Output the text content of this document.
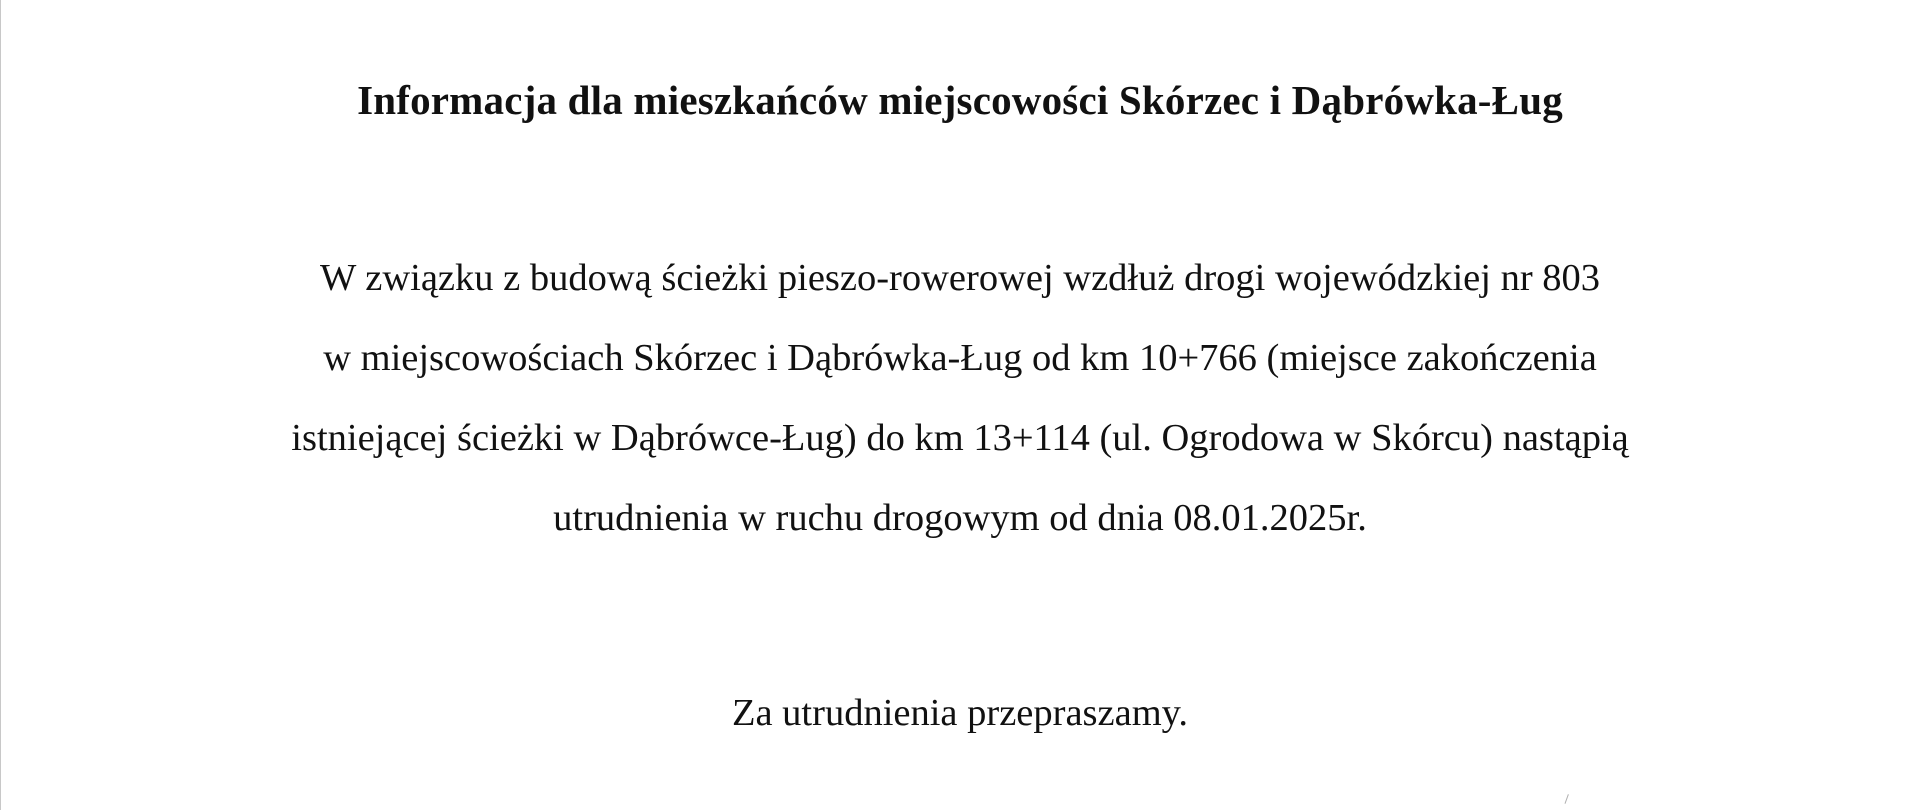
Informacja dla mieszkańców miejscowości Skórzec i Dąbrówka-Ług
W związku z budową ścieżki pieszo-rowerowej wzdłuż drogi wojewódzkiej nr 803
w miejscowościach Skórzec i Dąbrówka-Ług od km 10+766 (miejsce zakończenia
istniejącej ścieżki w Dąbrówce-Ług) do km 13+114 (ul. Ogrodowa w Skórcu) nastąpią
utrudnienia w ruchu drogowym od dnia 08.01.2025r.
Za utrudnienia przepraszamy.
